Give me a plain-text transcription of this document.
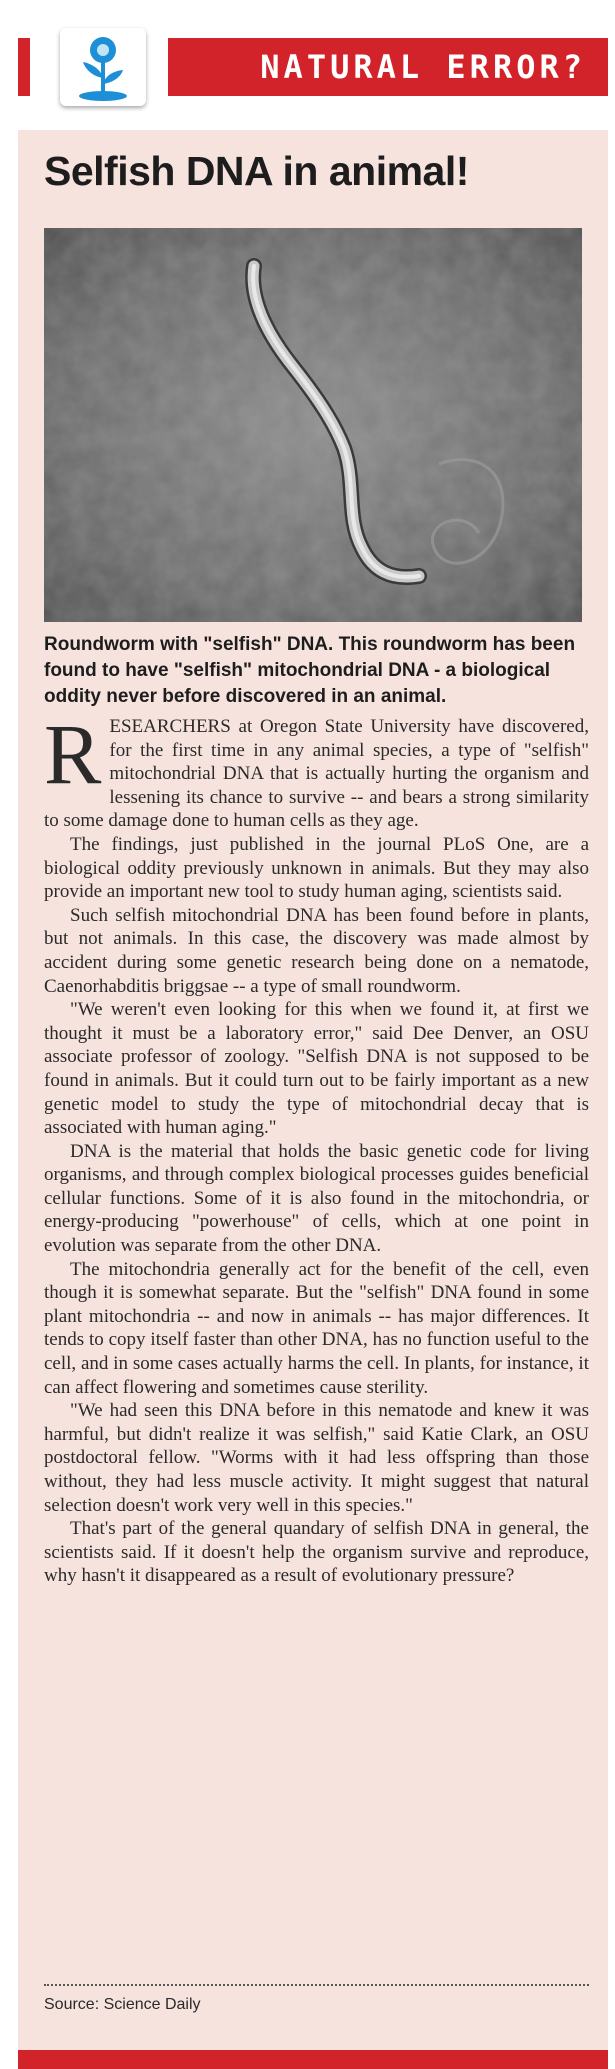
NATURAL ERROR?
Selfish DNA in animal!
Roundworm with "selfish" DNA. This roundworm has been found to have "selfish" mitochondrial DNA - a biological oddity never before discovered in an animal.

RESEARCHERS at Oregon State University have discovered, for the first time in any animal species, a type of "selfish" mitochondrial DNA that is actually hurting the organism and lessening its chance to survive -- and bears a strong similarity to some damage done to human cells as they age.

The findings, just published in the journal PLoS One, are a biological oddity previously unknown in animals. But they may also provide an important new tool to study human aging, scientists said.

Such selfish mitochondrial DNA has been found before in plants, but not animals. In this case, the discovery was made almost by accident during some genetic research being done on a nematode, Caenorhabditis briggsae -- a type of small roundworm.

"We weren't even looking for this when we found it, at first we thought it must be a laboratory error," said Dee Denver, an OSU associate professor of zoology. "Selfish DNA is not supposed to be found in animals. But it could turn out to be fairly important as a new genetic model to study the type of mitochondrial decay that is associated with human aging."

DNA is the material that holds the basic genetic code for living organisms, and through complex biological processes guides beneficial cellular functions. Some of it is also found in the mitochondria, or energy-producing "powerhouse" of cells, which at one point in evolution was separate from the other DNA.

The mitochondria generally act for the benefit of the cell, even though it is somewhat separate. But the "selfish" DNA found in some plant mitochondria -- and now in animals -- has major differences. It tends to copy itself faster than other DNA, has no function useful to the cell, and in some cases actually harms the cell. In plants, for instance, it can affect flowering and sometimes cause sterility.

"We had seen this DNA before in this nematode and knew it was harmful, but didn't realize it was selfish," said Katie Clark, an OSU postdoctoral fellow. "Worms with it had less offspring than those without, they had less muscle activity. It might suggest that natural selection doesn't work very well in this species."

That's part of the general quandary of selfish DNA in general, the scientists said. If it doesn't help the organism survive and reproduce, why hasn't it disappeared as a result of evolutionary pressure?

Source: Science Daily
